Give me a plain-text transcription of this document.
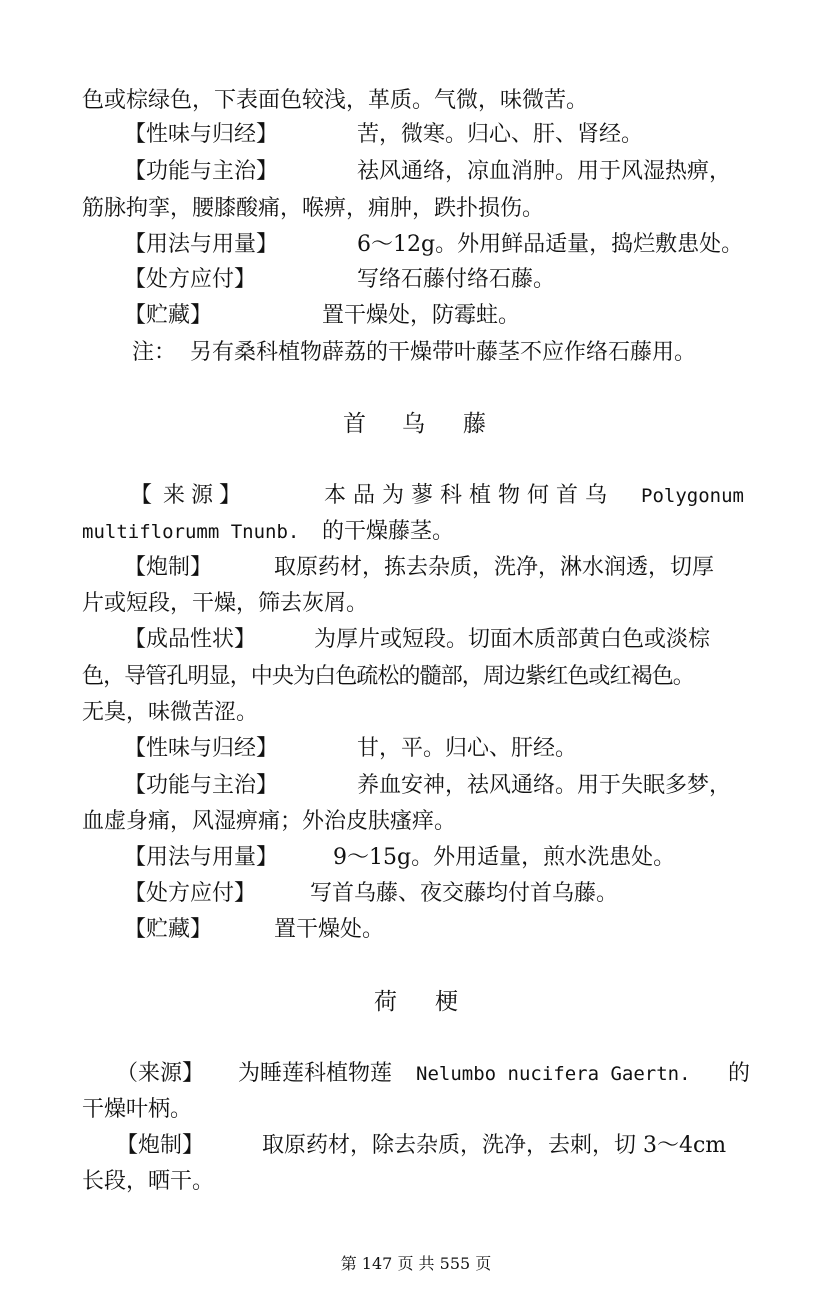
色或棕绿色，下表面色较浅，革质。气微，味微苦。
【性味与归经】	苦，微寒。归心、肝、肾经。
【功能与主治】	祛风通络，凉血消肿。用于风湿热痹，
筋脉拘挛，腰膝酸痛，喉痹，痈肿，跌扑损伤。
【用法与用量】	6～12g。外用鲜品适量，捣烂敷患处。
【处方应付】	写络石藤付络石藤。
【贮藏】	置干燥处，防霉蛀。
注： 另有桑科植物薜荔的干燥带叶藤茎不应作络石藤用。
首 乌 藤
【 来 源 】	本 品 为 蓼 科 植 物 何 首 乌 Polygonum
multiflorumm Tnunb. 的干燥藤茎。
【炮制】	取原药材，拣去杂质，洗净，淋水润透，切厚
片或短段，干燥，筛去灰屑。
【成品性状】	为厚片或短段。切面木质部黄白色或淡棕
色，导管孔明显，中央为白色疏松的髓部，周边紫红色或红褐色。
无臭，味微苦涩。
【性味与归经】	甘，平。归心、肝经。
【功能与主治】	养血安神，祛风通络。用于失眠多梦，
血虚身痛，风湿痹痛；外治皮肤瘙痒。
【用法与用量】 9～15g。外用适量，煎水洗患处。
【处方应付】 写首乌藤、夜交藤均付首乌藤。
【贮藏】	置干燥处。
荷 梗
（来源】 为睡莲科植物莲 Nelumbo nucifera Gaertn. 的
干燥叶柄。
【炮制】	取原药材，除去杂质，洗净，去刺，切 3～4cm
长段，晒干。
第 147 页 共 555 页
